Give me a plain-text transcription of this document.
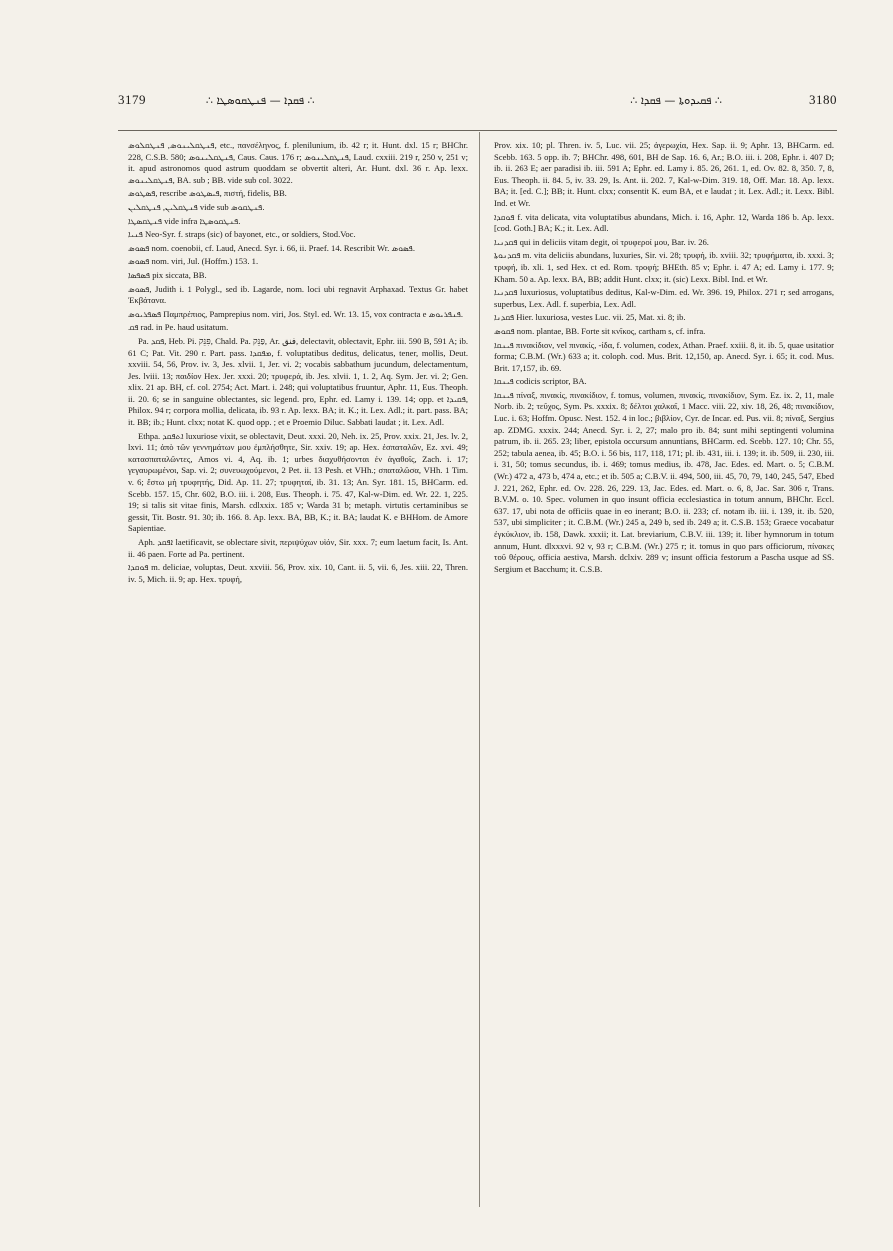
3179	∴ ܦܩܕܐ — ܦܢܛܩܘܣܛܐ ∴	∴ ܦܩܝܕܘܬܐ — ܦܩܕܐ ∴	3180

ܦܢܛܩܠܝܢܘܣ, ܦܢܛܩܠܘܣ, etc., πανσέληνος, f. plenilunium, ib. 42 r; it. Hunt. dxl. 15 r; BHChr. 228, C.S.B. 580; ܦܢܛܩܠܝܢܘܣ, Caus. Caus. 176 r; ܦܢܛܩܠܝܢܘܣ, Laud. cxxiii. 219 r, 250 v, 251 v; it. apud astronomos quod astrum quoddam se obvertit alteri, Ar. Hunt. dxl. 36 r. Ap. lexx. ܦܢܛܩܠܝܢܘܣ, BA. sub ; BB. vide sub col. 3022.

ܦܣܛܘܣ, rescribe ܦܝܣܛܘܣ, πιστή, fidelis, BB.

ܦܢܛܩܠܝܢ, ܦܢܛܩܠܝܢ vide sub ܦܢܛܩܘܣ.

ܦܢܛܩܣܛܐ vide infra ܦܢܛܩܘܣܛܐ.

ܦܢܝܐ Neo-Syr. f. straps (sic) of bayonet, etc., or soldiers, Stod.Voc.

ܦܣܘܣ nom. coenobii, cf. Laud, Anecd. Syr. i. 66, ii. Praef. 14. Rescribit Wr. ܦܣܘܣ.

ܦܣܘܣ nom. viri, Jul. (Hoffm.) 153. 1.

ܦܣܦܣܐ pix siccata, BB.

ܦܣܘܣ, Judith i. 1 Polygl., sed ib. Lagarde, nom. loci ubi regnavit Arphaxad. Textus Gr. habet Ἐκβάτανα.

ܦܣܦܪܝܘܣ Παμπρέπιος, Pamprepius nom. viri, Jos. Styl. ed. Wr. 13. 15, vox contracta e ܦܢܦܪܝܘܣ.

ܦܩ rad. in Pe. haud usitatum.

Pa. ܦܩܕ, Heb. Pi. פִּנֵּק, Chald. Pa. פַּנֵּק, Ar. فنق, delectavit, oblectavit, Ephr. iii. 590 B, 591 A; ib. 61 C; Pat. Vit. 290 r. Part. pass. ܡܦܩܕܐ, f. voluptatibus deditus, delicatus, tener, mollis, Deut. xxviii. 54, 56, Prov. iv. 3, Jes. xlvii. 1, Jer. vi. 2; vocabis sabbathum jucundum, delectamentum, Jes. lviii. 13; παιδίον Hex. Jer. xxxi. 20; τρυφερά, ib. Jes. xlvii. 1, 1. 2, Aq. Sym. Jer. vi. 2; Gen. xlix. 21 ap. BH, cf. col. 2754; Act. Mart. i. 248; qui voluptatibus fruuntur, Aphr. 11, Eus. Theoph. ii. 20. 6; se in sanguine oblectantes, sic legend. pro, Ephr. ed. Lamy i. 139. 14; opp. et ܦܩܝܕܐ, Philox. 94 r; corpora mollia, delicata, ib. 93 r. Ap. lexx. BA; it. K.; it. Lex. Adl.; it. part. pass. BA; it. BB; ib.; Hunt. clxx; notat K. quod opp. ; et e Proemio Diluc. Sabbati laudat ; it. Lex. Adl.

Ethpa. ܐܬܦܩܕ luxuriose vixit, se oblectavit, Deut. xxxi. 20, Neh. ix. 25, Prov. xxix. 21, Jes. lv. 2, lxvi. 11; ἀπὸ τῶν γεννημάτων μου ἐμπλήσθητε, Sir. xxiv. 19; ap. Hex. ἐσπαταλῶν, Ez. xvi. 49; κατασπαταλῶντες, Amos vi. 4, Aq. ib. 1; urbes διαχυθήσονται ἐν ἀγαθοῖς, Zach. i. 17; γεγαυρωμένοι, Sap. vi. 2; συνευωχούμενοι, 2 Pet. ii. 13 Pesh. et VHh.; σπαταλῶσα, VHh. 1 Tim. v. 6; ἔστω μὴ τρυφητής, Did. Ap. 11. 27; τρυφηταί, ib. 31. 13; An. Syr. 181. 15, BHCarm. ed. Scebb. 157. 15, Chr. 602, B.O. iii. i. 208, Eus. Theoph. i. 75. 47, Kal-w-Dim. ed. Wr. 22. 1, 225. 19; si talis sit vitae finis, Marsh. cdlxxix. 185 v; Warda 31 b; metaph. virtutis certaminibus se gessit, Tit. Bostr. 91. 30; ib. 166. 8. Ap. lexx. BA, BB, K.; it. BA; laudat K. e BHHom. de Amore Sapientiae.

Aph. ܐܦܩܕ laetificavit, se oblectare sivit, περιψύχων υἱόν, Sir. xxx. 7; eum laetum facit, Is. Ant. ii. 46 paen. Forte ad Pa. pertinent.

ܦܘܩܕܐ m. deliciae, voluptas, Deut. xxviii. 56, Prov. xix. 10, Cant. ii. 5, vii. 6, Jes. xiii. 22, Thren. iv. 5, Mich. ii. 9; ap. Hex. τρυφή,

Prov. xix. 10; pl. Thren. iv. 5, Luc. vii. 25; ἀγερωχία, Hex. Sap. ii. 9; Aphr. 13, BHCarm. ed. Scebb. 163. 5 opp. ib. 7; BHChr. 498, 601, BH de Sap. 16. 6, Ar.; B.O. iii. i. 208, Ephr. i. 407 D; ib. ii. 263 E; aer paradisi ib. iii. 591 A; Ephr. ed. Lamy i. 85. 26, 261. 1, ed. Ov. 82. 8, 350. 7, 8, Eus. Theoph. ii. 84. 5, iv. 33. 29, Is. Ant. ii. 202. 7, Kal-w-Dim. 319. 18, Off. Mar. 18. Ap. lexx. BA; it. [ed. C.]; BB; it. Hunt. clxx; consentit K. eum BA, et e laudat ; it. Lex. Adl.; it. Lexx. Bibl. Ind. et Wr.

ܦܘܩܕܐ f. vita delicata, vita voluptatibus abundans, Mich. i. 16, Aphr. 12, Warda 186 b. Ap. lexx. [cod. Goth.] BA; K.; it. Lex. Adl.

ܦܩܕܢܝܐ qui in deliciis vitam degit, οἱ τρυφεροί μου, Bar. iv. 26.

ܦܩܕܢܘܬܐ m. vita deliciis abundans, luxuries, Sir. vi. 28; τρυφή, ib. xviii. 32; τρυφήματα, ib. xxxi. 3; τρυφή, ib. xli. 1, sed Hex. ct ed. Rom. τροφή; BHEth. 85 v; Ephr. i. 47 A; ed. Lamy i. 177. 9; Kham. 50 a. Ap. lexx. BA, BB; addit Hunt. clxx; it. (sic) Lexx. Bibl. Ind. et Wr.

ܦܩܕܢܝܐ luxuriosus, voluptatibus deditus, Kal-w-Dim. ed. Wr. 396. 19, Philox. 271 r; sed arrogans, superbus, Lex. Adl. f. superbia, Lex. Adl.

ܦܩܕܢܐ Hier. luxuriosa, vestes Luc. vii. 25, Mat. xi. 8; ib.

ܦܩܘܣ nom. plantae, BB. Forte sit κνῖκος, cartham s, cf. infra.

ܦܝܢܩܐ πινακίδιον, vel πινακίς, -ίδα, f. volumen, codex, Athan. Praef. xxiii. 8, it. ib. 5, quae usitatior forma; C.B.M. (Wr.) 633 a; it. coloph. cod. Mus. Brit. 12,150, ap. Anecd. Syr. i. 65; it. cod. Mus. Brit. 17,157, ib. 69.

ܦܝܢܩܐ codicis scriptor, BA.

ܦܝܢܩܐ πίναξ, πινακίς, πινακίδιον, f. tomus, volumen, πινακίς, πινακίδιον, Sym. Ez. ix. 2, 11, male Norb. ib. 2; τεῦχος, Sym. Ps. xxxix. 8; δέλτοι χαλκαῖ, 1 Macc. viii. 22, xiv. 18, 26, 48; πινακίδιον, Luc. i. 63; Hoffm. Opusc. Nest. 152. 4 in loc.; βιβλίον, Cyr. de Incar. ed. Pus. vii. 8; πίναξ, Sergius ap. ZDMG. xxxix. 244; Anecd. Syr. i. 2, 27; malo pro ib. 84; sunt mihi septingenti volumina patrum, ib. ii. 265. 23; liber, epistola occursum annuntians, BHCarm. ed. Scebb. 127. 10; Chr. 55, 252; tabula aenea, ib. 45; B.O. i. 56 bis, 117, 118, 171; pl. ib. 431, iii. i. 139; it. ib. 509, ii. 230, iii. i. 31, 50; tomus secundus, ib. i. 469; tomus medius, ib. 478, Jac. Edes. ed. Mart. o. 5; C.B.M. (Wr.) 472 a, 473 b, 474 a, etc.; et ib. 505 a; C.B.V. ii. 494, 500, iii. 45, 70, 79, 140, 245, 547, Ebed J. 221, 262, Ephr. ed. Ov. 228. 26, 229. 13, Jac. Edes. ed. Mart. o. 6, 8, Jac. Sar. 306 r, Trans. B.V.M. o. 10. Spec. volumen in quo insunt officia ecclesiastica in totum annum, BHChr. Eccl. 637. 17, ubi nota de officiis quae in eo inerant; B.O. ii. 233; cf. notam ib. iii. i. 139, it. ib. 520, 537, ubi simpliciter ; it. C.B.M. (Wr.) 245 a, 249 b, sed ib. 249 a; it. C.S.B. 153; Graece vocabatur ἐγκύκλιον, ib. 158, Dawk. xxxii; it. Lat. breviarium, C.B.V. iii. 139; it. liber hymnorum in totum annum, Hunt. dlxxxvi. 92 v, 93 r; C.B.M. (Wr.) 275 r; it. tomus in quo pars officiorum, πίνακες τοῦ θέρους, officia aestiva, Marsh. dclxiv. 289 v; insunt officia festorum a Pascha usque ad SS. Sergium et Bacchum; it. C.S.B.
